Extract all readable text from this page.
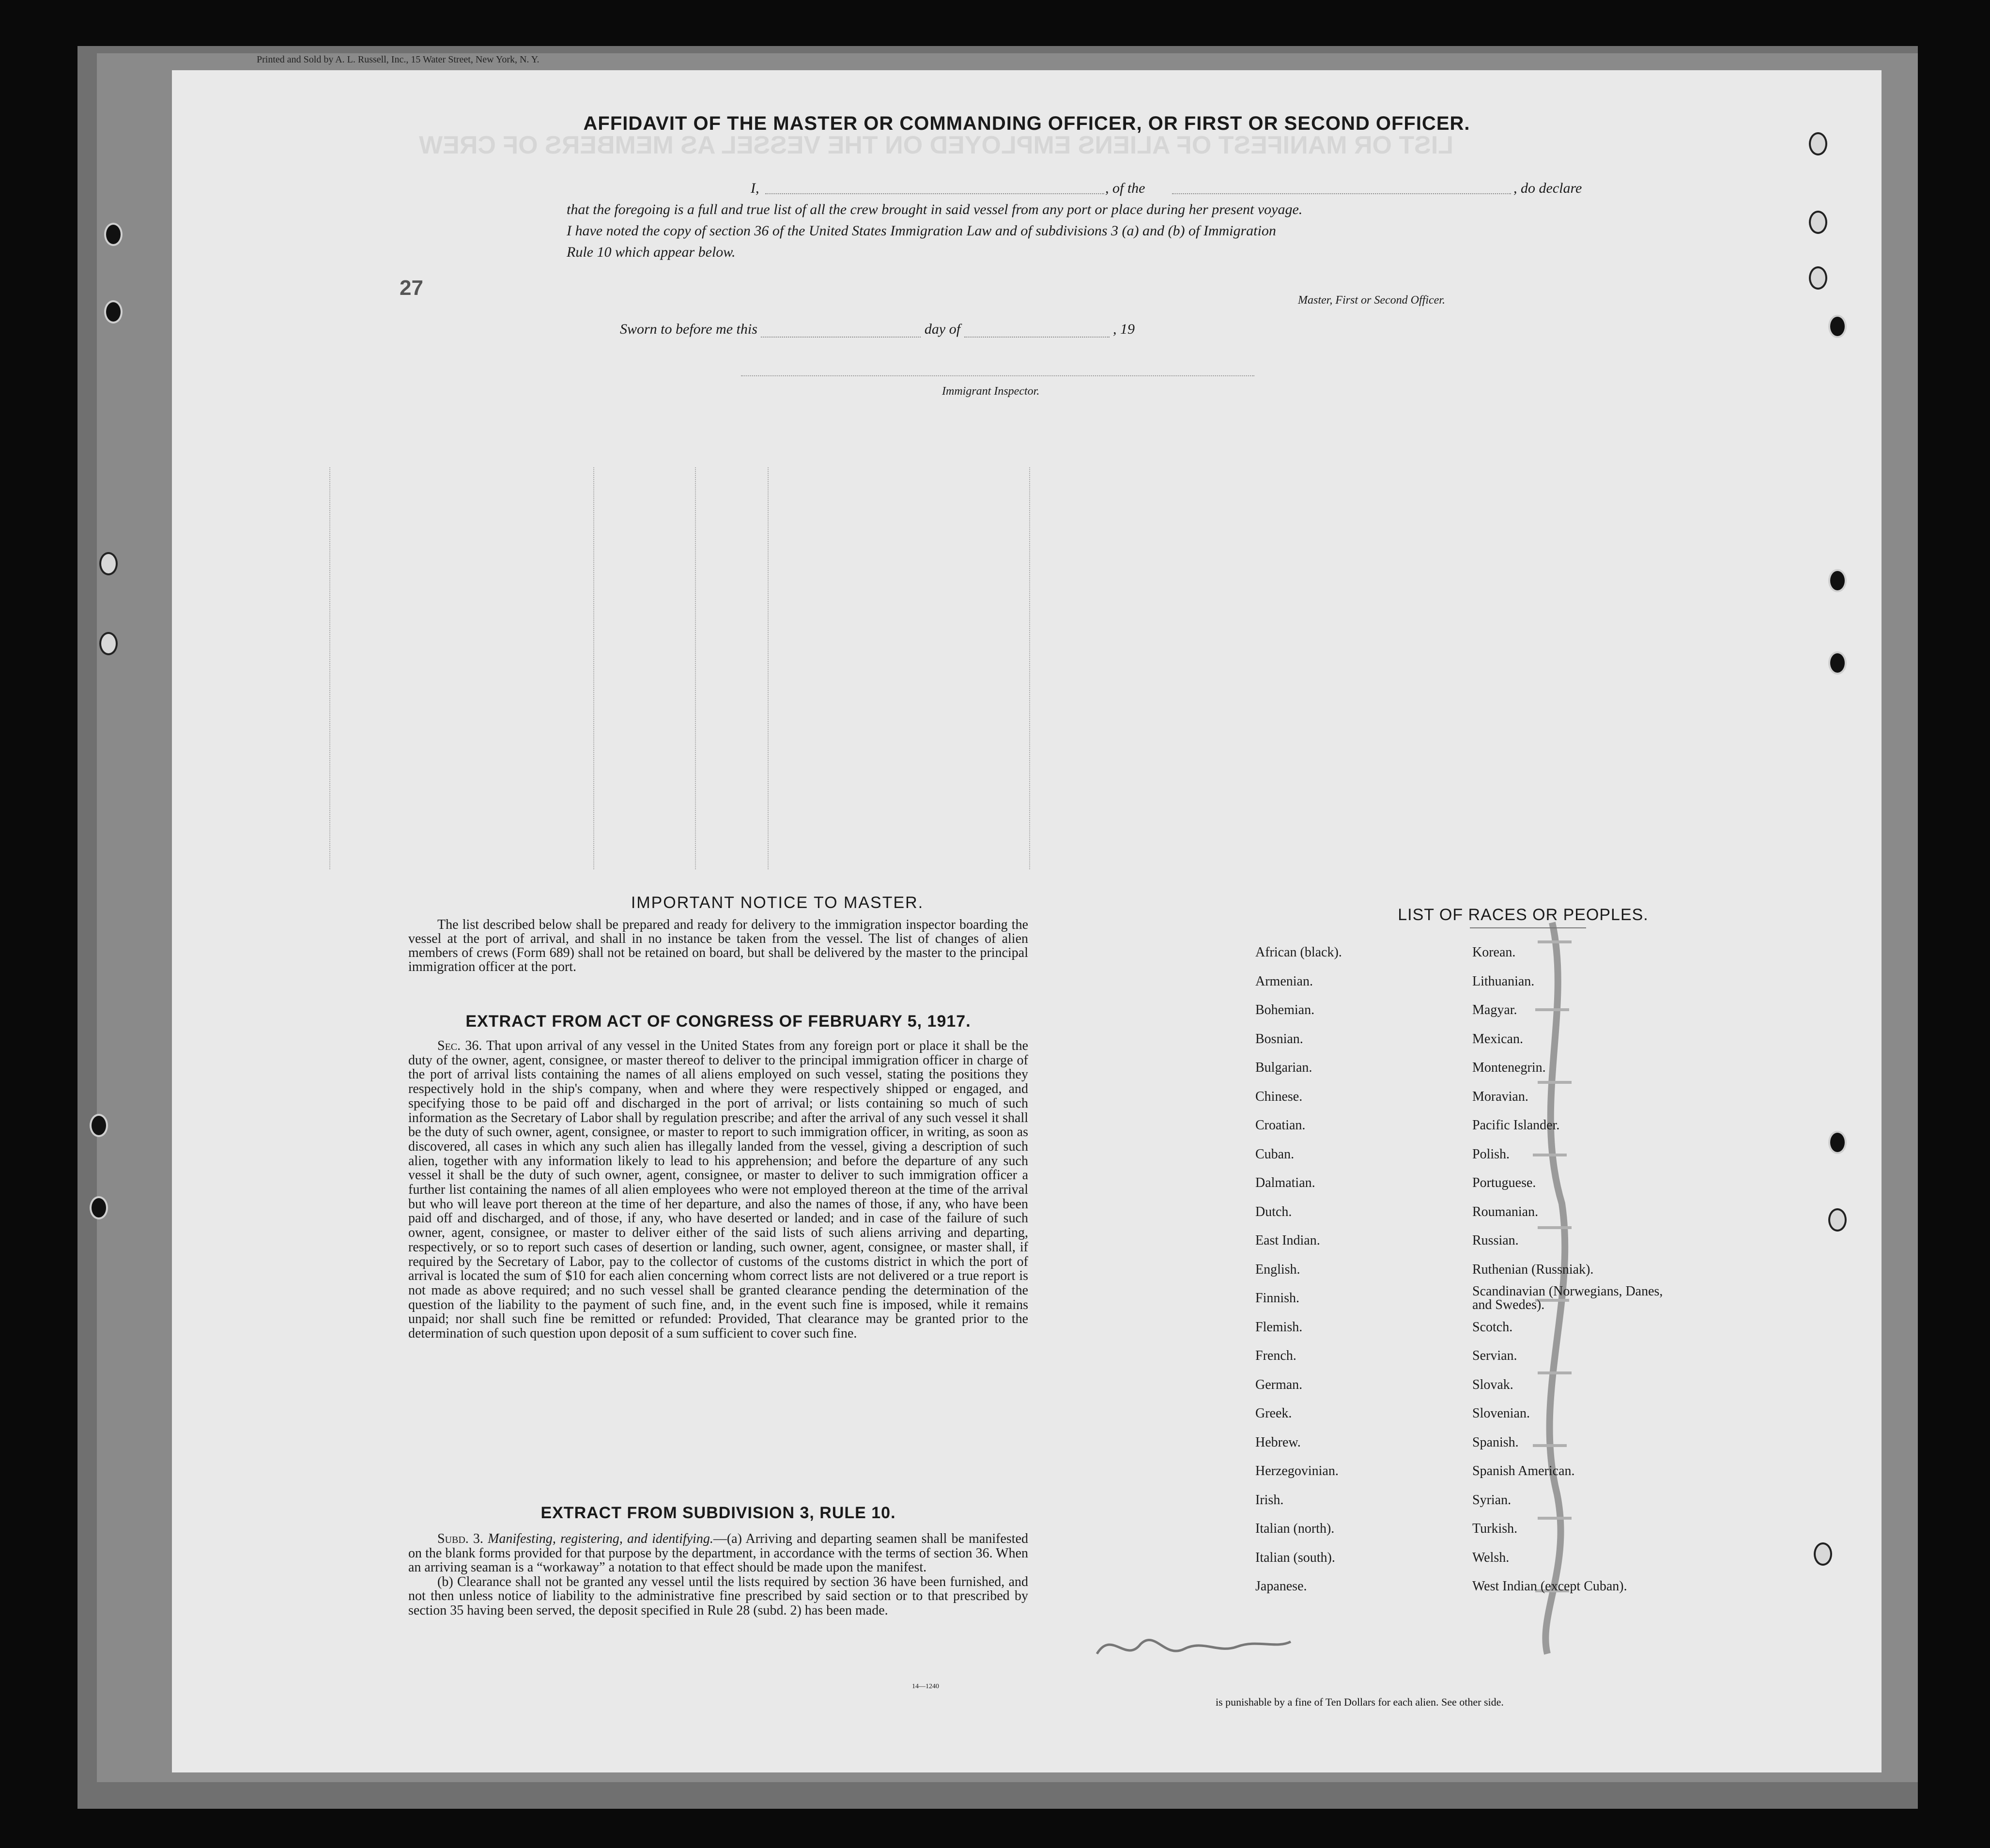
Printed and Sold by A. L. Russell, Inc., 15 Water Street, New York, N. Y.
LIST OR MANIFEST OF ALIENS EMPLOYED ON THE VESSEL AS MEMBERS OF CREW
27
AFFIDAVIT OF THE MASTER OR COMMANDING OFFICER, OR FIRST OR SECOND OFFICER.
I,	, of the	, do declare
that the foregoing is a full and true list of all the crew brought in said vessel from any port or place during her present voyage.
I have noted the copy of section 36 of the United States Immigration Law and of subdivisions 3 (a) and (b) of Immigration
Rule 10 which appear below.
Master, First or Second Officer.
Sworn to before me this	day of	, 19
Immigrant Inspector.
IMPORTANT NOTICE TO MASTER.
The list described below shall be prepared and ready for delivery to the immigration inspector boarding the vessel at the port of arrival, and shall in no instance be taken from the vessel. The list of changes of alien members of crews (Form 689) shall not be retained on board, but shall be delivered by the master to the principal immigration officer at the port.
EXTRACT FROM ACT OF CONGRESS OF FEBRUARY 5, 1917.
Sec. 36. That upon arrival of any vessel in the United States from any foreign port or place it shall be the duty of the owner, agent, consignee, or master thereof to deliver to the principal immigration officer in charge of the port of arrival lists containing the names of all aliens employed on such vessel, stating the positions they respectively hold in the ship's company, when and where they were respectively shipped or engaged, and specifying those to be paid off and discharged in the port of arrival; or lists containing so much of such information as the Secretary of Labor shall by regulation prescribe; and after the arrival of any such vessel it shall be the duty of such owner, agent, consignee, or master to report to such immigration officer, in writing, as soon as discovered, all cases in which any such alien has illegally landed from the vessel, giving a description of such alien, together with any information likely to lead to his apprehension; and before the departure of any such vessel it shall be the duty of such owner, agent, consignee, or master to deliver to such immigration officer a further list containing the names of all alien employees who were not employed thereon at the time of the arrival but who will leave port thereon at the time of her departure, and also the names of those, if any, who have been paid off and discharged, and of those, if any, who have deserted or landed; and in case of the failure of such owner, agent, consignee, or master to deliver either of the said lists of such aliens arriving and departing, respectively, or so to report such cases of desertion or landing, such owner, agent, consignee, or master shall, if required by the Secretary of Labor, pay to the collector of customs of the customs district in which the port of arrival is located the sum of $10 for each alien concerning whom correct lists are not delivered or a true report is not made as above required; and no such vessel shall be granted clearance pending the determination of the question of the liability to the payment of such fine, and, in the event such fine is imposed, while it remains unpaid; nor shall such fine be remitted or refunded: Provided, That clearance may be granted prior to the determination of such question upon deposit of a sum sufficient to cover such fine.
EXTRACT FROM SUBDIVISION 3, RULE 10.

Subd. 3. Manifesting, registering, and identifying.—(a) Arriving and departing seamen shall be manifested on the blank forms provided for that purpose by the department, in accordance with the terms of section 36. When an arriving seaman is a “workaway” a notation to that effect should be made upon the manifest.

(b) Clearance shall not be granted any vessel until the lists required by section 36 have been furnished, and not then unless notice of liability to the administrative fine prescribed by said section or to that prescribed by section 35 having been served, the deposit specified in Rule 28 (subd. 2) has been made.

14—1240
LIST OF RACES OR PEOPLES.
African (black).
Armenian.
Bohemian.
Bosnian.
Bulgarian.
Chinese.
Croatian.
Cuban.
Dalmatian.
Dutch.
East Indian.
English.
Finnish.
Flemish.
French.
German.
Greek.
Hebrew.
Herzegovinian.
Irish.
Italian (north).
Italian (south).
Japanese.
Korean.
Lithuanian.
Magyar.
Mexican.
Montenegrin.
Moravian.
Pacific Islander.
Polish.
Portuguese.
Roumanian.
Russian.
Ruthenian (Russniak).
Scandinavian (Norwegians, Danes, and Swedes).
Scotch.
Servian.
Slovak.
Slovenian.
Spanish.
Spanish American.
Syrian.
Turkish.
Welsh.
West Indian (except Cuban).
is punishable by a fine of Ten Dollars for each alien. See other side.
